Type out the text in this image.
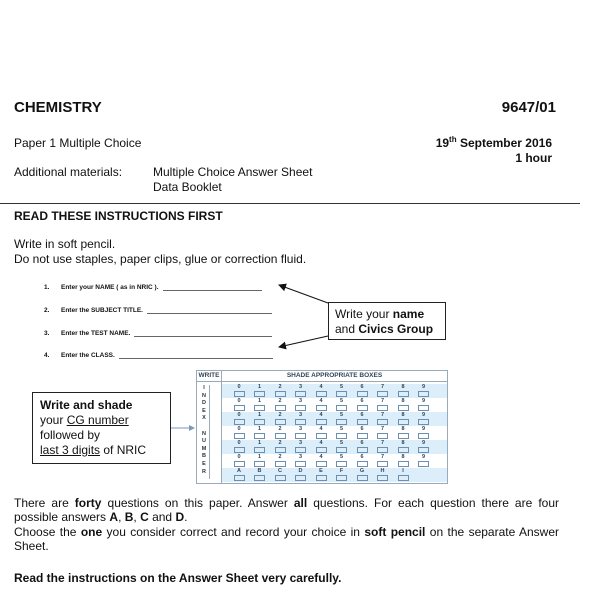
CHEMISTRY	9647/01
Paper 1 Multiple Choice	19th September 2016
1 hour
Additional materials:	Multiple Choice Answer Sheet
Data Booklet
READ THESE INSTRUCTIONS FIRST
Write in soft pencil.
Do not use staples, paper clips, glue or correction fluid.
1.	Enter your NAME ( as in NRIC ).
2.	Enter the SUBJECT TITLE.
3.	Enter the TEST NAME.
4.	Enter the CLASS.
Write your name
and Civics Group
Write and shade
your CG number
followed by
last 3 digits of NRIC
WRITE
I
N
D
E
X
N
U
M
B
E
R
SHADE APPROPRIATE BOXES
0	1	2	3	4	5	6	7	8	9
0	1	2	3	4	5	6	7	8	9
0	1	2	3	4	5	6	7	8	9
0	1	2	3	4	5	6	7	8	9
0	1	2	3	4	5	6	7	8	9
0	1	2	3	4	5	6	7	8	9
A	B	C	D	E	F	G	H	I
There are forty questions on this paper. Answer all questions. For each question there are four possible answers A, B, C and D.
Choose the one you consider correct and record your choice in soft pencil on the separate Answer Sheet.
Read the instructions on the Answer Sheet very carefully.
